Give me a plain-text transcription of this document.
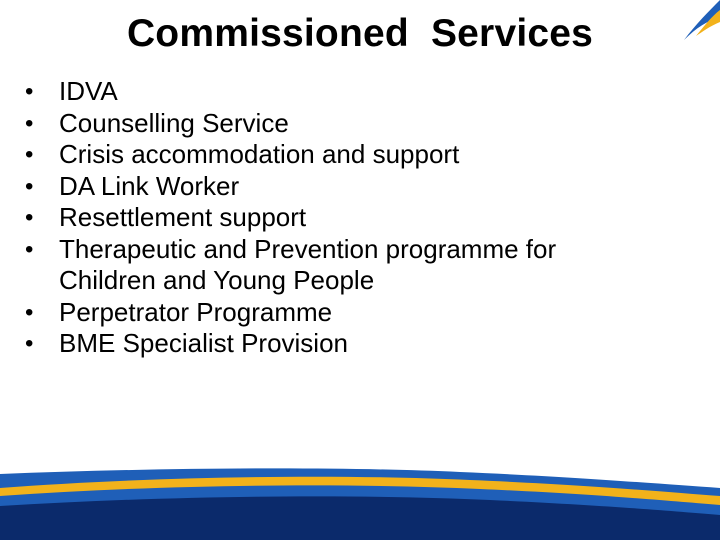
Commissioned  Services
• IDVA
• Counselling Service
• Crisis accommodation and support
• DA Link Worker
• Resettlement support
• Therapeutic and Prevention programme for
Children and Young People
• Perpetrator Programme
• BME Specialist Provision
